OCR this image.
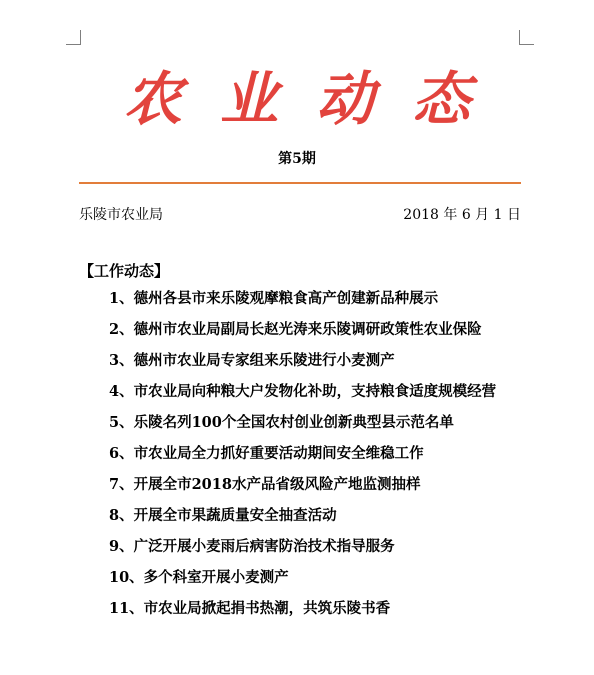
农业动态
第5期
乐陵市农业局	2018 年 6 月 1 日
【工作动态】
1、德州各县市来乐陵观摩粮食高产创建新品种展示
2、德州市农业局副局长赵光涛来乐陵调研政策性农业保险
3、德州市农业局专家组来乐陵进行小麦测产
4、市农业局向种粮大户发物化补助，支持粮食适度规模经营
5、乐陵名列100个全国农村创业创新典型县示范名单
6、市农业局全力抓好重要活动期间安全维稳工作
7、开展全市2018水产品省级风险产地监测抽样
8、开展全市果蔬质量安全抽查活动
9、广泛开展小麦雨后病害防治技术指导服务
10、多个科室开展小麦测产
11、市农业局掀起捐书热潮，共筑乐陵书香
